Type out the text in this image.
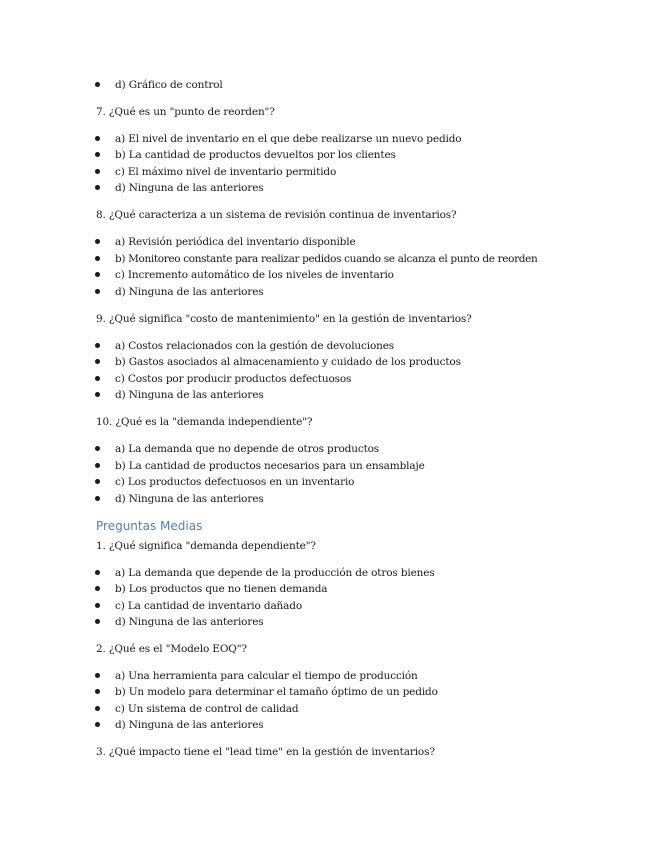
d) Gráfico de control
7. ¿Qué es un "punto de reorden"?
a) El nivel de inventario en el que debe realizarse un nuevo pedido
b) La cantidad de productos devueltos por los clientes
c) El máximo nivel de inventario permitido
d) Ninguna de las anteriores
8. ¿Qué caracteriza a un sistema de revisión continua de inventarios?
a) Revisión periódica del inventario disponible
b) Monitoreo constante para realizar pedidos cuando se alcanza el punto de reorden
c) Incremento automático de los niveles de inventario
d) Ninguna de las anteriores
9. ¿Qué significa "costo de mantenimiento" en la gestión de inventarios?
a) Costos relacionados con la gestión de devoluciones
b) Gastos asociados al almacenamiento y cuidado de los productos
c) Costos por producir productos defectuosos
d) Ninguna de las anteriores
10. ¿Qué es la "demanda independiente"?
a) La demanda que no depende de otros productos
b) La cantidad de productos necesarios para un ensamblaje
c) Los productos defectuosos en un inventario
d) Ninguna de las anteriores
Preguntas Medias
1. ¿Qué significa "demanda dependiente"?
a) La demanda que depende de la producción de otros bienes
b) Los productos que no tienen demanda
c) La cantidad de inventario dañado
d) Ninguna de las anteriores
2. ¿Qué es el "Modelo EOQ"?
a) Una herramienta para calcular el tiempo de producción
b) Un modelo para determinar el tamaño óptimo de un pedido
c) Un sistema de control de calidad
d) Ninguna de las anteriores
3. ¿Qué impacto tiene el "lead time" en la gestión de inventarios?
